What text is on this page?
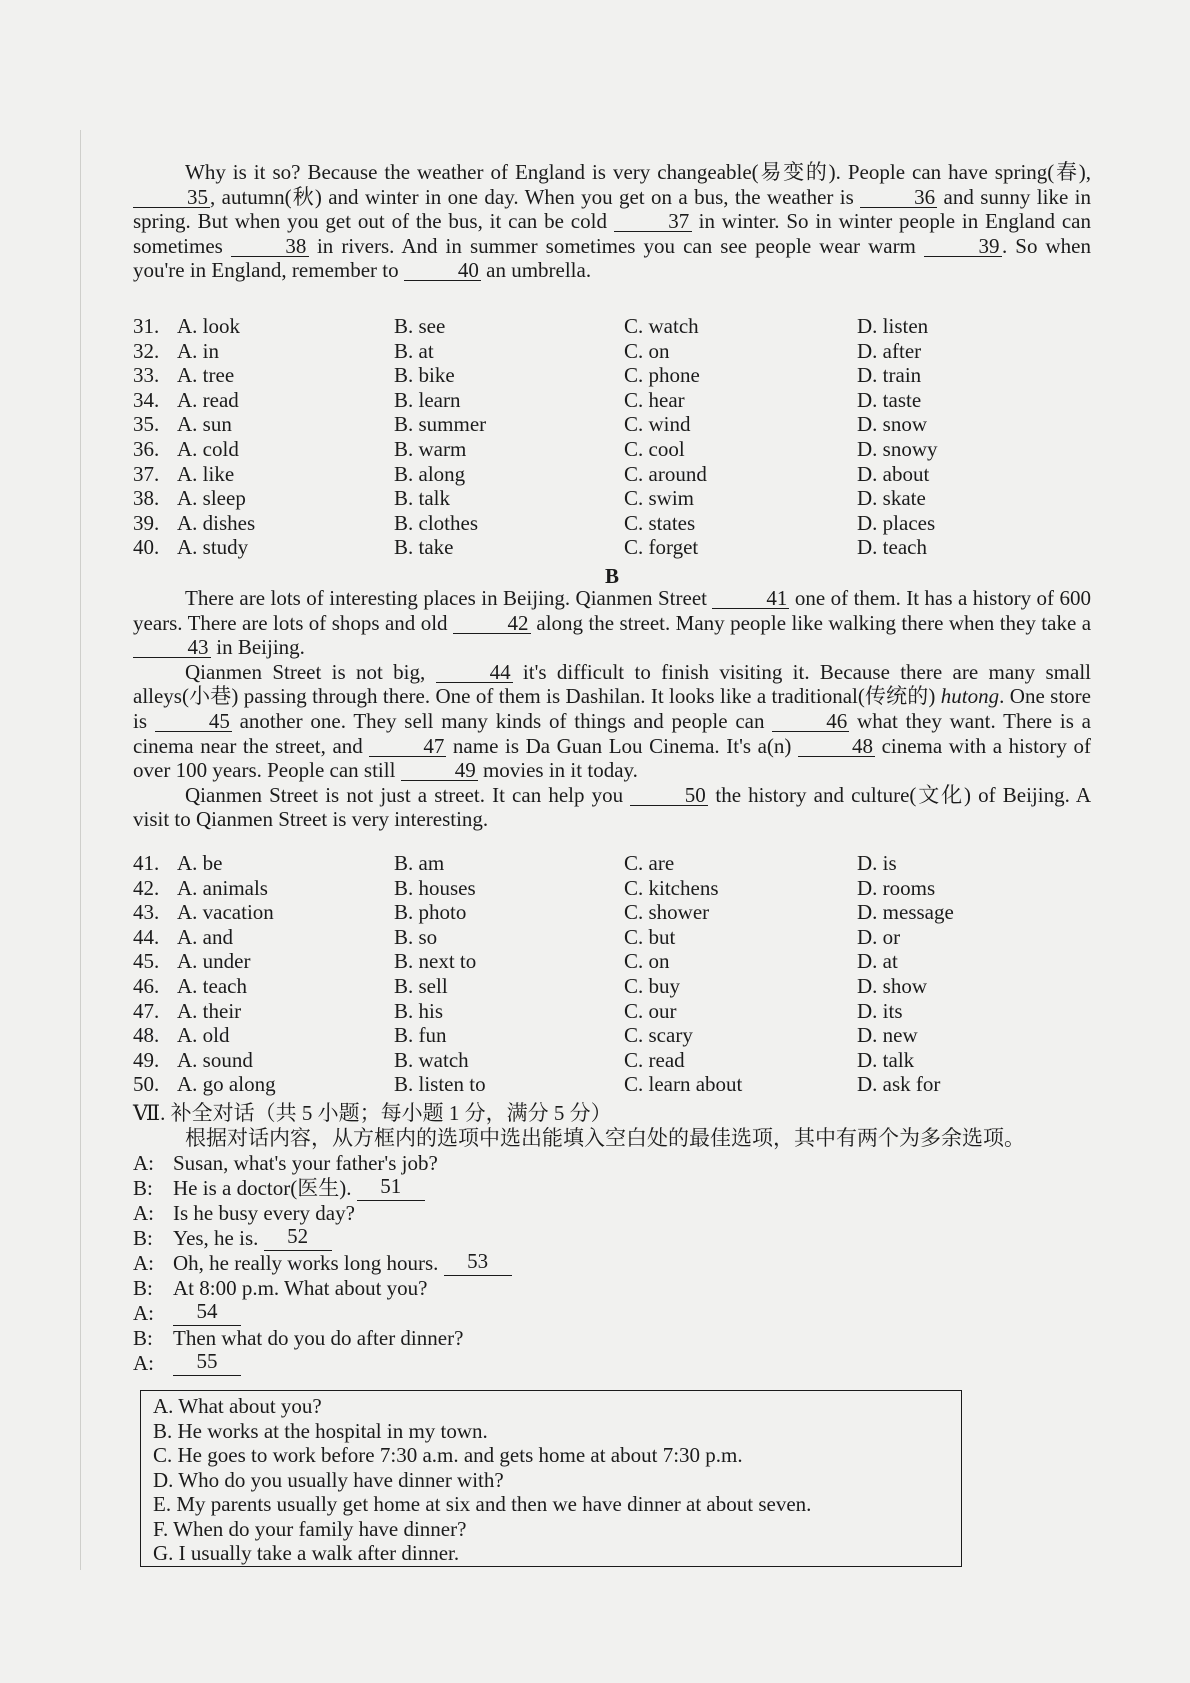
Why is it so? Because the weather of England is very changeable(易变的). People can have spring(春), 35, autumn(秋) and winter in one day. When you get on a bus, the weather is	36 and sunny like in spring. But when you get out of the bus, it can be cold	37 in winter. So in winter people in England can sometimes	38 in rivers. And in summer sometimes you can see people wear warm	39 . So when you're in England, remember to	40 an umbrella.

31. A. look	B. see	C. watch	D. listen
32. A. in	B. at	C. on	D. after
33. A. tree	B. bike	C. phone	D. train
34. A. read	B. learn	C. hear	D. taste
35. A. sun	B. summer	C. wind	D. snow
36. A. cold	B. warm	C. cool	D. snowy
37. A. like	B. along	C. around	D. about
38. A. sleep	B. talk	C. swim	D. skate
39. A. dishes	B. clothes	C. states	D. places
40. A. study	B. take	C. forget	D. teach

B

There are lots of interesting places in Beijing. Qianmen Street	41 one of them. It has a history of 600 years. There are lots of shops and old	42 along the street. Many people like walking there when they take a 43 in Beijing.

Qianmen Street is not big,	44 it's difficult to finish visiting it. Because there are many small alleys(小巷) passing through there. One of them is Dashilan. It looks like a traditional(传统的) hutong. One store is	45 another one. They sell many kinds of things and people can	46 what they want. There is a cinema near the street, and	47 name is Da Guan Lou Cinema. It's a(n)	48 cinema with a history of over 100 years. People can still	49 movies in it today.

Qianmen Street is not just a street. It can help you	50 the history and culture(文化) of Beijing. A visit to Qianmen Street is very interesting.

41. A. be	B. am	C. are	D. is
42. A. animals	B. houses	C. kitchens	D. rooms
43. A. vacation	B. photo	C. shower	D. message
44. A. and	B. so	C. but	D. or
45. A. under	B. next to	C. on	D. at
46. A. teach	B. sell	C. buy	D. show
47. A. their	B. his	C. our	D. its
48. A. old	B. fun	C. scary	D. new
49. A. sound	B. watch	C. read	D. talk
50. A. go along	B. listen to	C. learn about	D. ask for

Ⅶ. 补全对话（共 5 小题；每小题 1 分，满分 5 分）

根据对话内容，从方框内的选项中选出能填入空白处的最佳选项，其中有两个为多余选项。

A: Susan, what's your father's job?
B: He is a doctor(医生).	51
A: Is he busy every day?
B: Yes, he is.	52
A: Oh, he really works long hours.	53
B: At 8:00 p.m. What about you?
A:	54
B: Then what do you do after dinner?
A:	55

A. What about you?

B. He works at the hospital in my town.

C. He goes to work before 7:30 a.m. and gets home at about 7:30 p.m.

D. Who do you usually have dinner with?

E. My parents usually get home at six and then we have dinner at about seven.

F. When do your family have dinner?

G. I usually take a walk after dinner.
